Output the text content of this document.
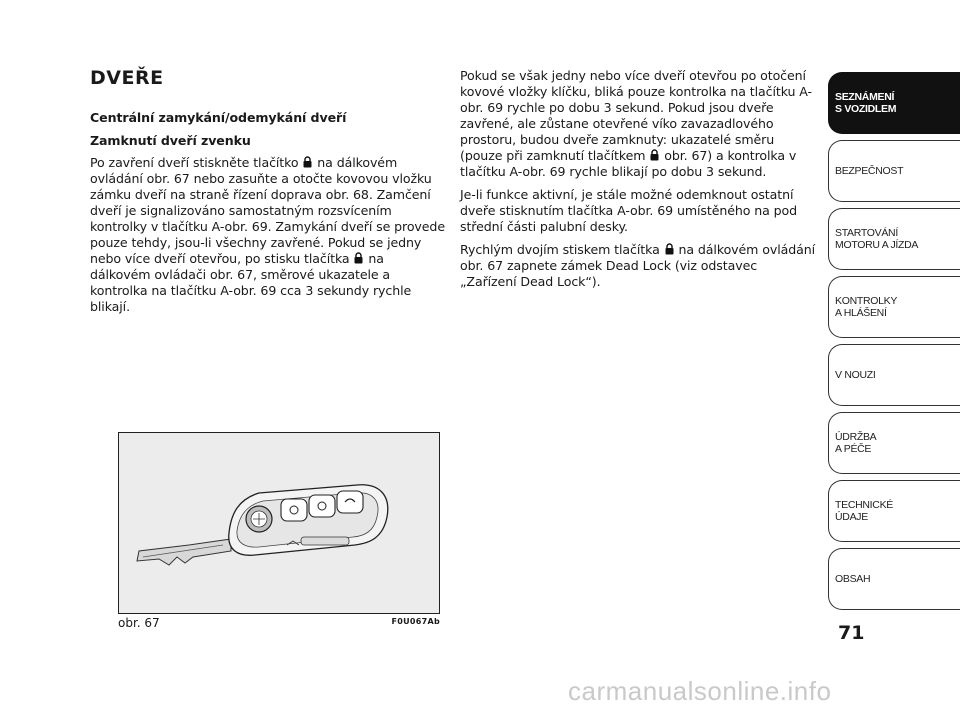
DVEŘE

Centrální zamykání/odemykání dveří

Zamknutí dveří zvenku

Po zavření dveří stiskněte tlačítko  na dálkovém ovládání obr. 67 nebo zasuňte a otočte kovovou vložku zámku dveří na straně řízení doprava obr. 68. Zamčení dveří je signalizováno samostatným rozsvícením kontrolky v tlačítku A-obr. 69. Zamykání dveří se provede pouze tehdy, jsou-li všechny zavřené. Pokud se jedny nebo více dveří otevřou, po stisku tlačítka  na dálkovém ovládači obr. 67, směrové ukazatele a kontrolka na tlačítku A-obr. 69 cca 3 sekundy rychle blikají.

Pokud se však jedny nebo více dveří otevřou po otočení kovové vložky klíčku, bliká pouze kontrolka na tlačítku A-obr. 69 rychle po dobu 3 sekund. Pokud jsou dveře zavřené, ale zůstane otevřené víko zavazadlového prostoru, budou dveře zamknuty: ukazatelé směru (pouze při zamknutí tlačítkem  obr. 67) a kontrolka v tlačítku A-obr. 69 rychle blikají po dobu 3 sekund.

Je-li funkce aktivní, je stále možné odemknout ostatní dveře stisknutím tlačítka A-obr. 69 umístěného na pod střední části palubní desky.

Rychlým dvojím stiskem tlačítka  na dálkovém ovládání obr. 67 zapnete zámek Dead Lock (viz odstavec „Zařízení Dead Lock“).

obr. 67	F0U067Ab
SEZNÁMENÍ
S VOZIDLEM
BEZPEČNOST
STARTOVÁNÍ
MOTORU A JÍZDA
KONTROLKY
A HLÁŠENÍ
V NOUZI
ÚDRŽBA
A PÉČE
TECHNICKÉ
ÚDAJE
OBSAH
71
carmanualsonline.info
